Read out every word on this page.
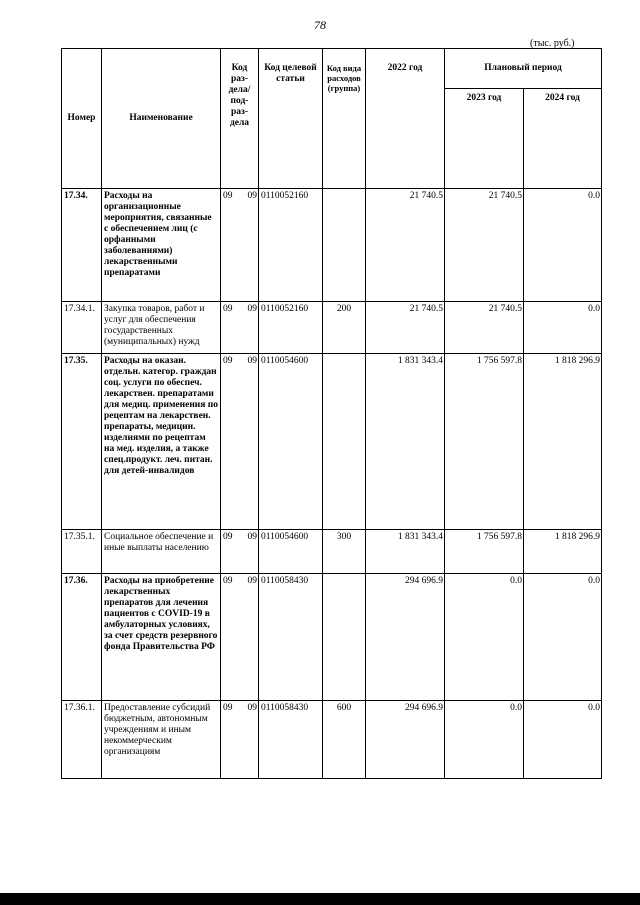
78
(тыс. руб.)
Номер	Наименование	Код раз-дела/ под-раз-дела		Код целевой статьи	Код вида расходов (группа)	2022 год	Плановый период	
							2023 год	2024 год
17.34.	Расходы на организационные мероприятия, связанные с обеспечением лиц (с орфанными заболеваниями) лекарственными препаратами	09	09	0110052160		21 740.5	21 740.5	0.0
17.34.1.	Закупка товаров, работ и услуг для обеспечения государственных (муниципальных) нужд	09	09	0110052160	200	21 740.5	21 740.5	0.0
17.35.	Расходы на оказан. отдельн. категор. граждан соц. услуги по обеспеч. лекарствен. препаратами для медиц. применения по рецептам на лекарствен. препараты, медицин. изделиями по рецептам на мед. изделия, а также спец.продукт. леч. питан. для детей-инвалидов	09	09	0110054600		1 831 343.4	1 756 597.8	1 818 296.9
17.35.1.	Социальное обеспечение и иные выплаты населению	09	09	0110054600	300	1 831 343.4	1 756 597.8	1 818 296.9
17.36.	Расходы на приобретение лекарственных препаратов для лечения пациентов с COVID-19 в амбулаторных условиях, за счет средств резервного фонда Правительства РФ	09	09	0110058430		294 696.9	0.0	0.0
17.36.1.	Предоставление субсидий бюджетным, автономным учреждениям и иным некоммерческим организациям	09	09	0110058430	600	294 696.9	0.0	0.0
